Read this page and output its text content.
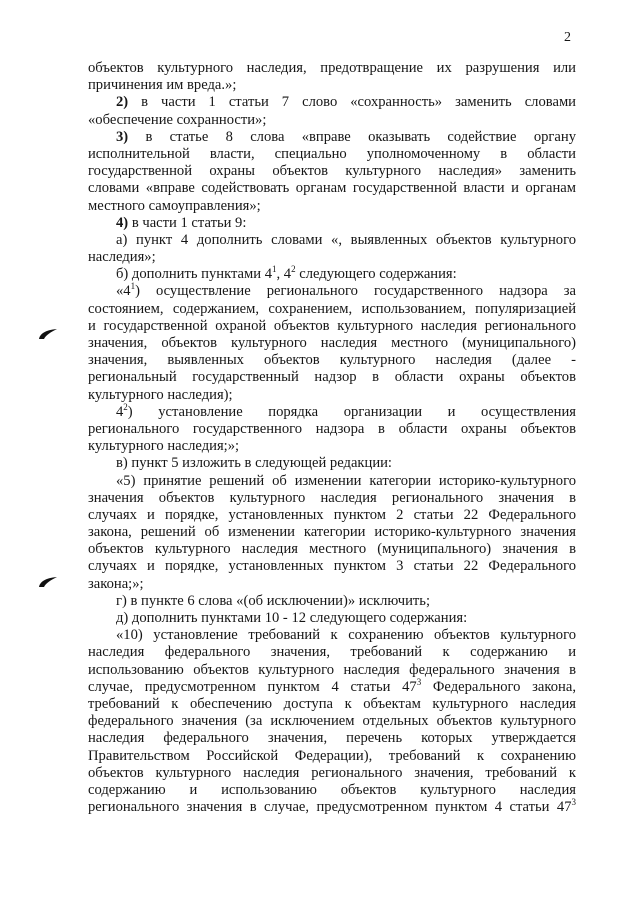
2
объектов культурного наследия, предотвращение их разрушения или
причинения им вреда.»;
2) в части 1 статьи 7 слово «сохранность» заменить словами
«обеспечение сохранности»;
3) в статье 8 слова «вправе оказывать содействие органу
исполнительной власти, специально уполномоченному в области
государственной охраны объектов культурного наследия» заменить
словами «вправе содействовать органам государственной власти и органам
местного самоуправления»;
4) в части 1 статьи 9:
а) пункт 4 дополнить словами «, выявленных объектов культурного
наследия»;
б) дополнить пунктами $4^1$, $4^2$ следующего содержания:
«$4^1$) осуществление регионального государственного надзора за
состоянием, содержанием, сохранением, использованием, популяризацией
и государственной охраной объектов культурного наследия регионального
значения, объектов культурного наследия местного (муниципального)
значения, выявленных объектов культурного наследия (далее -
региональный государственный надзор в области охраны объектов
культурного наследия);
$4^2$) установление порядка организации и осуществления
регионального государственного надзора в области охраны объектов
культурного наследия;»;
в) пункт 5 изложить в следующей редакции:
«5) принятие решений об изменении категории историко-культурного
значения объектов культурного наследия регионального значения в
случаях и порядке, установленных пунктом 2 статьи 22 Федерального
закона, решений об изменении категории историко-культурного значения
объектов культурного наследия местного (муниципального) значения в
случаях и порядке, установленных пунктом 3 статьи 22 Федерального
закона;»;
г) в пункте 6 слова «(об исключении)» исключить;
д) дополнить пунктами 10 - 12 следующего содержания:
«10) установление требований к сохранению объектов культурного
наследия федерального значения, требований к содержанию и
использованию объектов культурного наследия федерального значения в
случае, предусмотренном пунктом 4 статьи $47^3$ Федерального закона,
требований к обеспечению доступа к объектам культурного наследия
федерального значения (за исключением отдельных объектов культурного
наследия федерального значения, перечень которых утверждается
Правительством Российской Федерации), требований к сохранению
объектов культурного наследия регионального значения, требований к
содержанию и использованию объектов культурного наследия
регионального значения в случае, предусмотренном пунктом 4 статьи $47^3$
